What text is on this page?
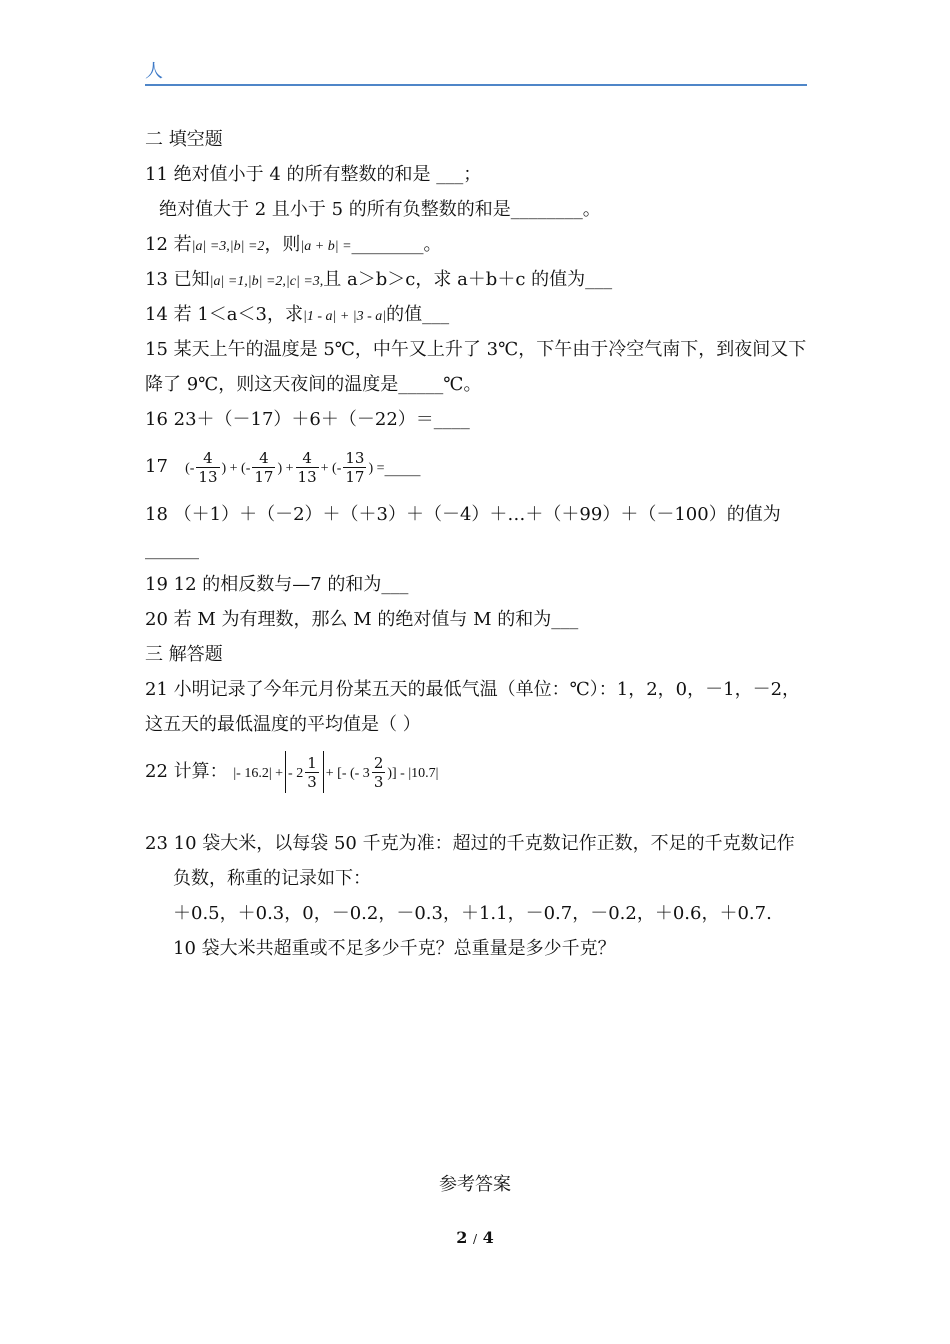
人
二 填空题
11 绝对值小于 4 的所有整数的和是 ___；
绝对值大于 2 且小于 5 的所有负整数的和是________。
12 若|a| =3,|b| =2，则|a + b| =________。
13 已知|a| =1,|b| =2,|c| =3,且 a＞b＞c，求 a＋b＋c 的值为___
14 若 1＜a＜3，求|1 - a| + |3 - a|的值___
15 某天上午的温度是 5℃，中午又上升了 3℃，下午由于冷空气南下，到夜间又下
降了 9℃，则这天夜间的温度是_____℃。
16 23＋（－17）＋6＋（－22）＝____
17 (- $\frac{4}{13}$ ) + (- $\frac{4}{17}$ ) + $\frac{4}{13}$ + (- $\frac{13}{17}$ ) =____
18 （＋1）＋（－2）＋（＋3）＋（－4）＋…＋（＋99）＋（－100）的值为
______
19 12 的相反数与—7 的和为___
20 若 M 为有理数，那么 M 的绝对值与 M 的和为___
三 解答题
21 小明记录了今年元月份某五天的最低气温（单位：℃）：1，2，0，－1，－2，
这五天的最低温度的平均值是（ ）
22 计算： |- 16.2| + - $2 \frac{1}{3}$ + [- (- $3 \frac{2}{3}$ )] - |10.7|
23 10 袋大米，以每袋 50 千克为准：超过的千克数记作正数，不足的千克数记作
负数，称重的记录如下：
＋0.5，＋0.3，0，－0.2，－0.3，＋1.1，－0.7，－0.2，＋0.6，＋0.7.
10 袋大米共超重或不足多少千克？总重量是多少千克？
参考答案
2 / 4
